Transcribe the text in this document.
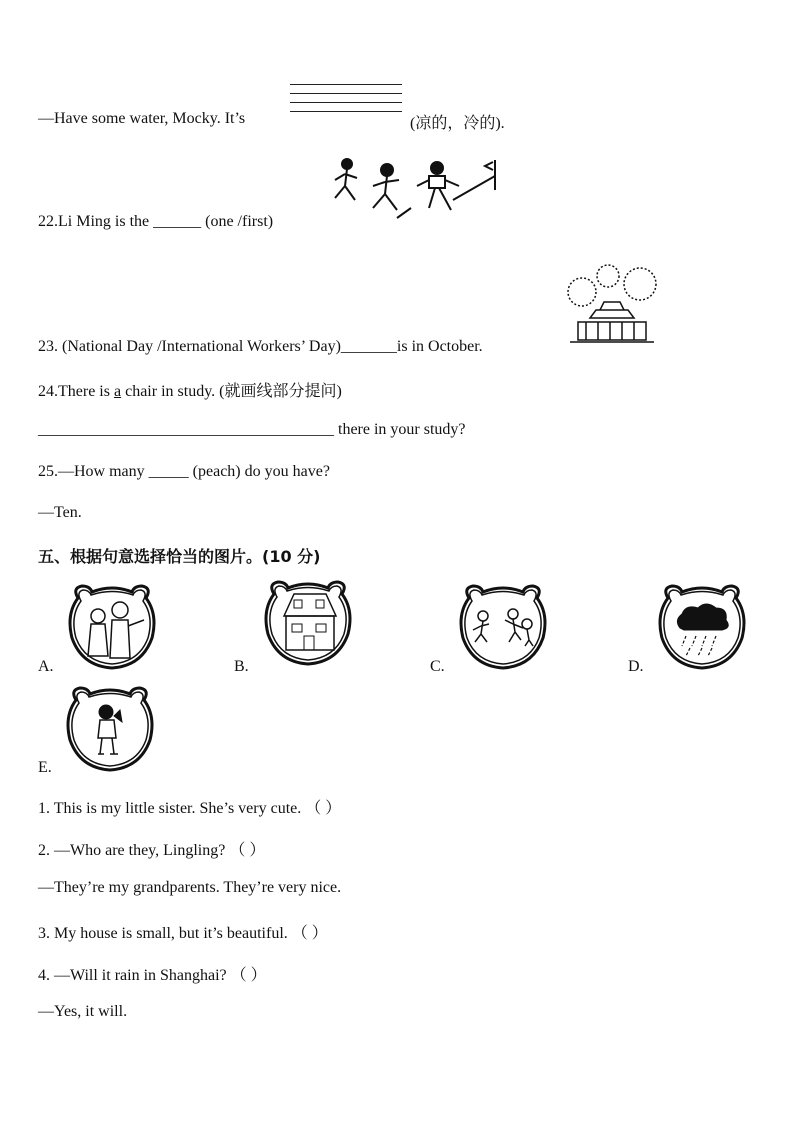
—Have some water, Mocky. It’s	(凉的，冷的).
22.Li Ming is the ______ (one /first)
23. (National Day /International Workers’ Day)_______is in October.
24.There is a chair in study. (就画线部分提问)
_____________________________________ there in your study?
25.—How many _____ (peach) do you have?
—Ten.
五、根据句意选择恰当的图片。(10 分)
A.	B.	C.	D.
E.
1. This is my little sister. She’s very cute. （ ）
2. —Who are they, Lingling? （ ）
—They’re my grandparents. They’re very nice.
3. My house is small, but it’s beautiful. （ ）
4. —Will it rain in Shanghai? （ ）
—Yes, it will.
